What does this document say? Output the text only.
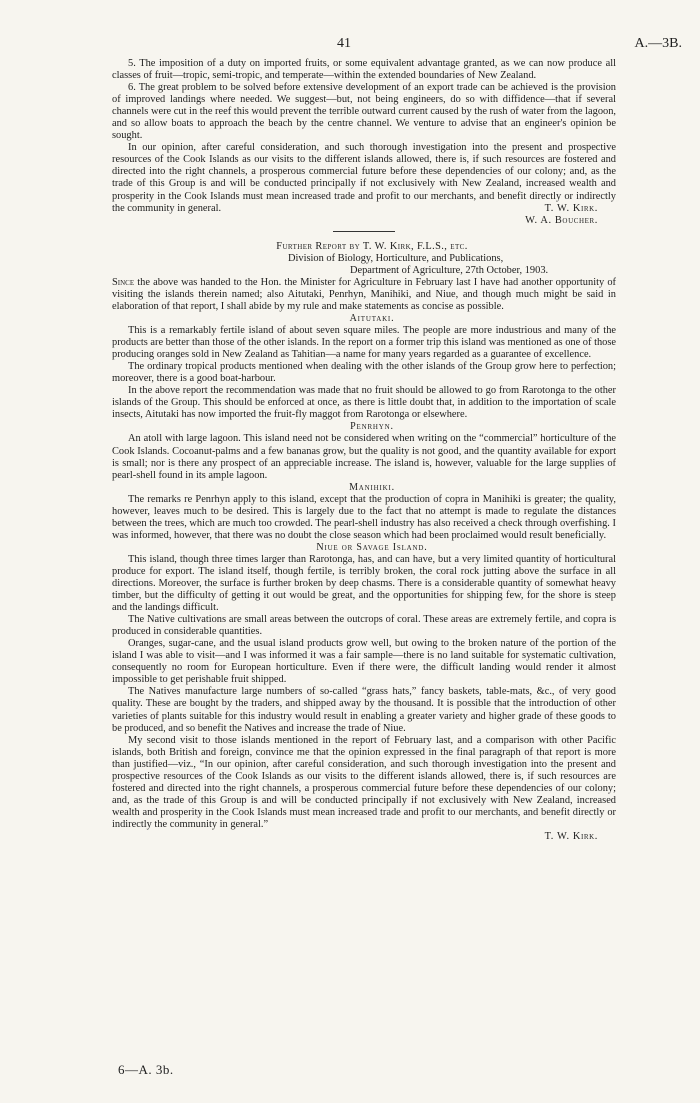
41	A.—3B.

5. The imposition of a duty on imported fruits, or some equivalent advantage granted, as we can now produce all classes of fruit—tropic, semi-tropic, and temperate—within the extended boundaries of New Zealand.

6. The great problem to be solved before extensive development of an export trade can be achieved is the provision of improved landings where needed. We suggest—but, not being engineers, do so with diffidence—that if several channels were cut in the reef this would prevent the terrible outward current caused by the rush of water from the lagoon, and so allow boats to approach the beach by the centre channel. We venture to advise that an engineer's opinion be sought.

In our opinion, after careful consideration, and such thorough investigation into the present and prospective resources of the Cook Islands as our visits to the different islands allowed, there is, if such resources are fostered and directed into the right channels, a prosperous commercial future before these dependencies of our colony; and, as the trade of this Group is and will be conducted principally if not exclusively with New Zealand, increased wealth and prosperity in the Cook Islands must mean increased trade and profit to our merchants, and benefit directly or indirectly the community in general.	T. W. Kirk.

W. A. Boucher.

Further Report by T. W. Kirk, F.L.S., etc.

Division of Biology, Horticulture, and Publications,

Department of Agriculture, 27th October, 1903.

Since the above was handed to the Hon. the Minister for Agriculture in February last I have had another opportunity of visiting the islands therein named; also Aitutaki, Penrhyn, Manihiki, and Niue, and though much might be said in elaboration of that report, I shall abide by my rule and make statements as concise as possible.

Aitutaki.

This is a remarkably fertile island of about seven square miles. The people are more industrious and many of the products are better than those of the other islands. In the report on a former trip this island was mentioned as one of those producing oranges sold in New Zealand as Tahitian—a name for many years regarded as a guarantee of excellence.

The ordinary tropical products mentioned when dealing with the other islands of the Group grow here to perfection; moreover, there is a good boat-harbour.

In the above report the recommendation was made that no fruit should be allowed to go from Rarotonga to the other islands of the Group. This should be enforced at once, as there is little doubt that, in addition to the importation of scale insects, Aitutaki has now imported the fruit-fly maggot from Rarotonga or elsewhere.

Penrhyn.

An atoll with large lagoon. This island need not be considered when writing on the “commercial” horticulture of the Cook Islands. Cocoanut-palms and a few bananas grow, but the quality is not good, and the quantity available for export is small; nor is there any prospect of an appreciable increase. The island is, however, valuable for the large supplies of pearl-shell found in its ample lagoon.

Manihiki.

The remarks re Penrhyn apply to this island, except that the production of copra in Manihiki is greater; the quality, however, leaves much to be desired. This is largely due to the fact that no attempt is made to regulate the distances between the trees, which are much too crowded. The pearl-shell industry has also received a check through overfishing. I was informed, however, that there was no doubt the close season which had been proclaimed would result beneficially.

Niue or Savage Island.

This island, though three times larger than Rarotonga, has, and can have, but a very limited quantity of horticultural produce for export. The island itself, though fertile, is terribly broken, the coral rock jutting above the surface in all directions. Moreover, the surface is further broken by deep chasms. There is a considerable quantity of somewhat heavy timber, but the difficulty of getting it out would be great, and the opportunities for shipping few, for the shore is steep and the landings difficult.

The Native cultivations are small areas between the outcrops of coral. These areas are extremely fertile, and copra is produced in considerable quantities.

Oranges, sugar-cane, and the usual island products grow well, but owing to the broken nature of the portion of the island I was able to visit—and I was informed it was a fair sample—there is no land suitable for systematic cultivation, consequently no room for European horticulture. Even if there were, the difficult landing would render it almost impossible to get perishable fruit shipped.

The Natives manufacture large numbers of so-called “grass hats,” fancy baskets, table-mats, &c., of very good quality. These are bought by the traders, and shipped away by the thousand. It is possible that the introduction of other varieties of plants suitable for this industry would result in enabling a greater variety and higher grade of these goods to be produced, and so benefit the Natives and increase the trade of Niue.

My second visit to those islands mentioned in the report of February last, and a comparison with other Pacific islands, both British and foreign, convince me that the opinion expressed in the final paragraph of that report is more than justified—viz., “In our opinion, after careful consideration, and such thorough investigation into the present and prospective resources of the Cook Islands as our visits to the different islands allowed, there is, if such resources are fostered and directed into the right channels, a prosperous commercial future before these dependencies of our colony; and, as the trade of this Group is and will be conducted principally if not exclusively with New Zealand, increased wealth and prosperity in the Cook Islands must mean increased trade and profit to our merchants, and benefit directly or indirectly the community in general.”

T. W. Kirk.

6—A. 3b.
